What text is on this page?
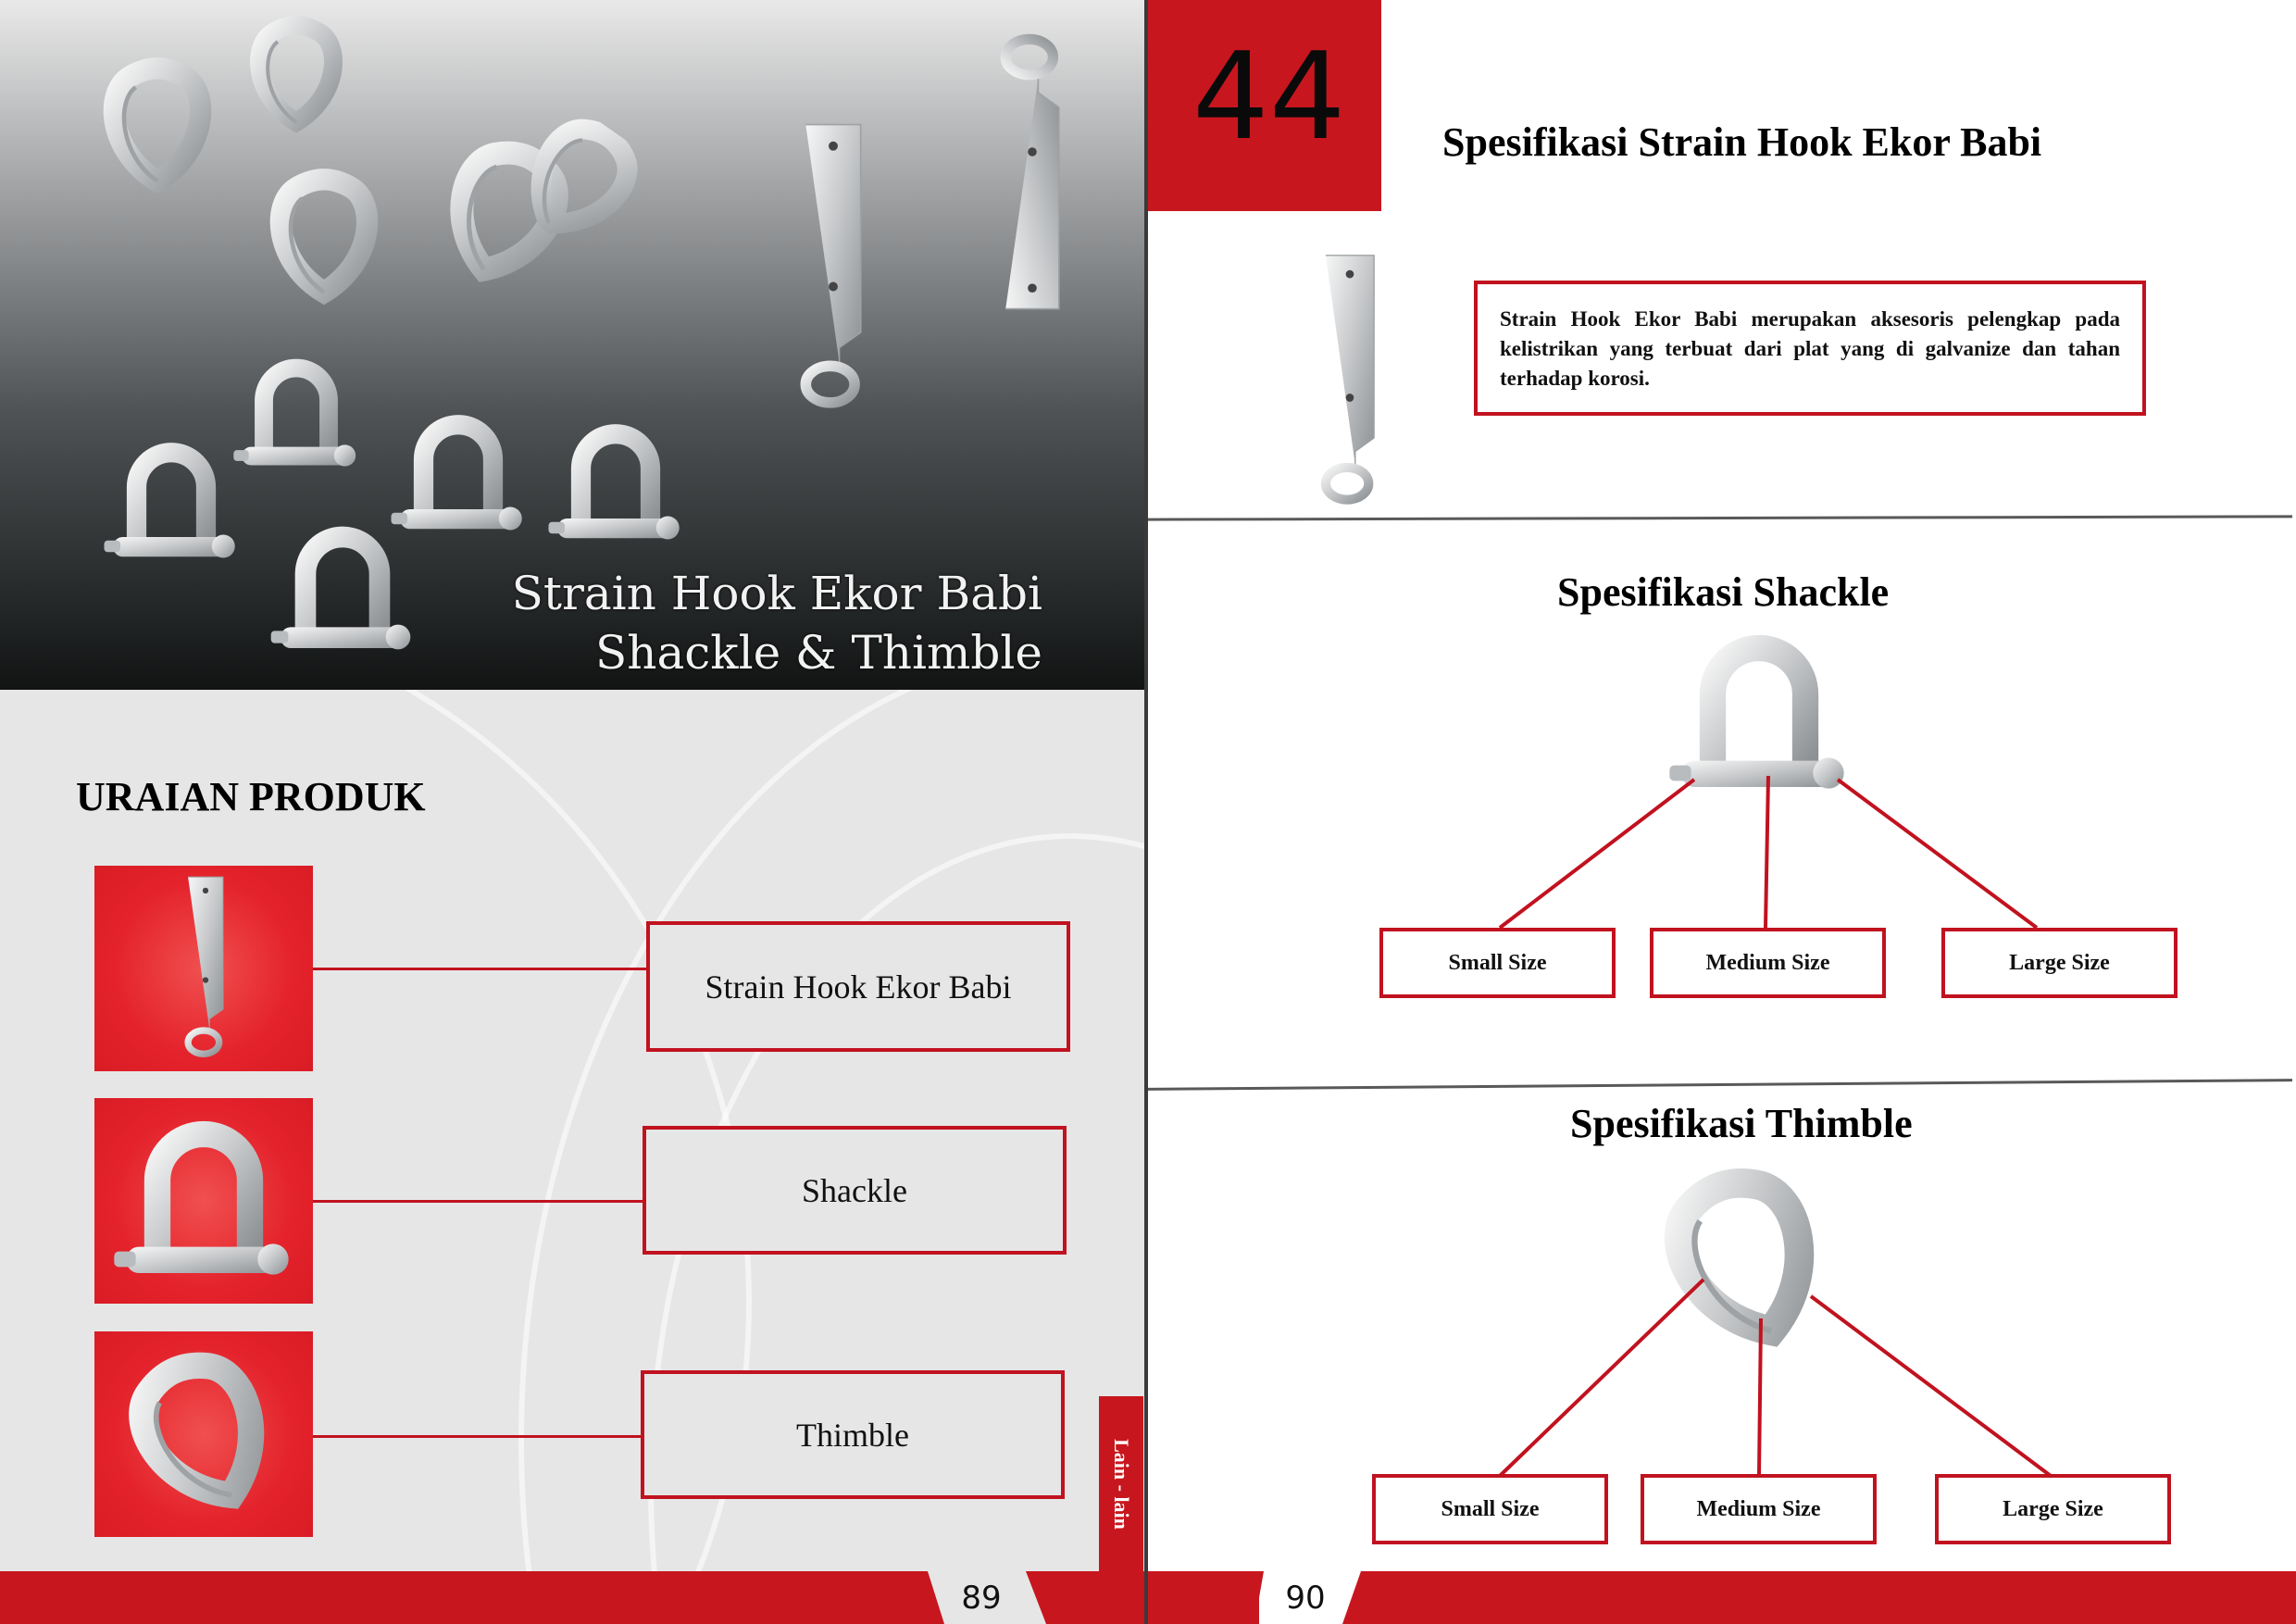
Strain Hook Ekor Babi
Shackle & Thimble
URAIAN PRODUK
Strain Hook Ekor Babi
Shackle
Thimble
Lain - lain
89
44 Spesifikasi Strain Hook Ekor Babi
Strain Hook Ekor Babi merupakan aksesoris pelengkap pada kelistrikan yang terbuat dari plat yang di galvanize dan tahan terhadap korosi.
Spesifikasi Shackle
Small Size	Medium Size	Large Size
Spesifikasi Thimble
Small Size	Medium Size	Large Size
90
